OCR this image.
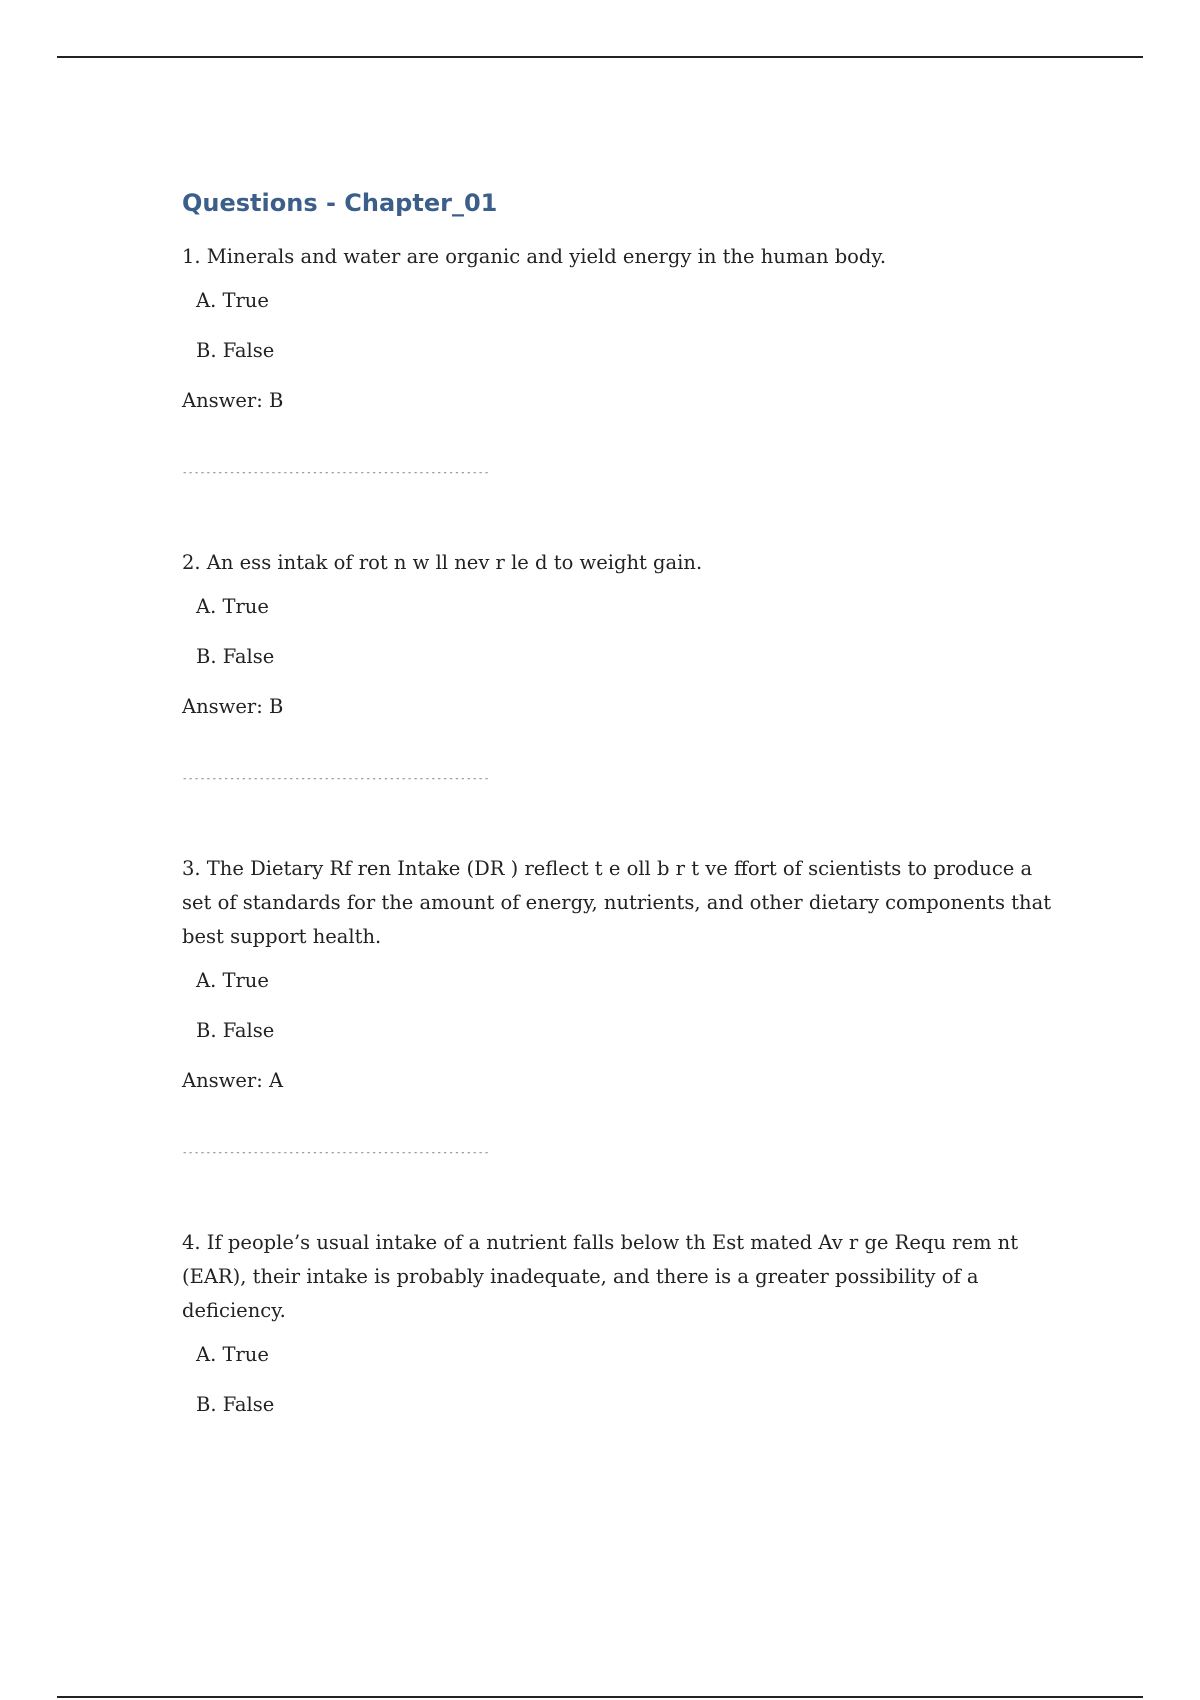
Questions - Chapter_01

1. Minerals and water are organic and yield energy in the human body.

A. True

B. False

Answer: B

----------------------------------------------------

2. An ess intak of rot n w ll nev r le d to weight gain.

A. True

B. False

Answer: B

----------------------------------------------------

3. The Dietary Rf ren Intake (DR ) reflect t e oll b r t ve ffort of scientists to produce a set of standards for the amount of energy, nutrients, and other dietary components that best support health.

A. True

B. False

Answer: A

----------------------------------------------------

4. If people’s usual intake of a nutrient falls below th Est mated Av r ge Requ rem nt (EAR), their intake is probably inadequate, and there is a greater possibility of a deficiency.

A. True

B. False
